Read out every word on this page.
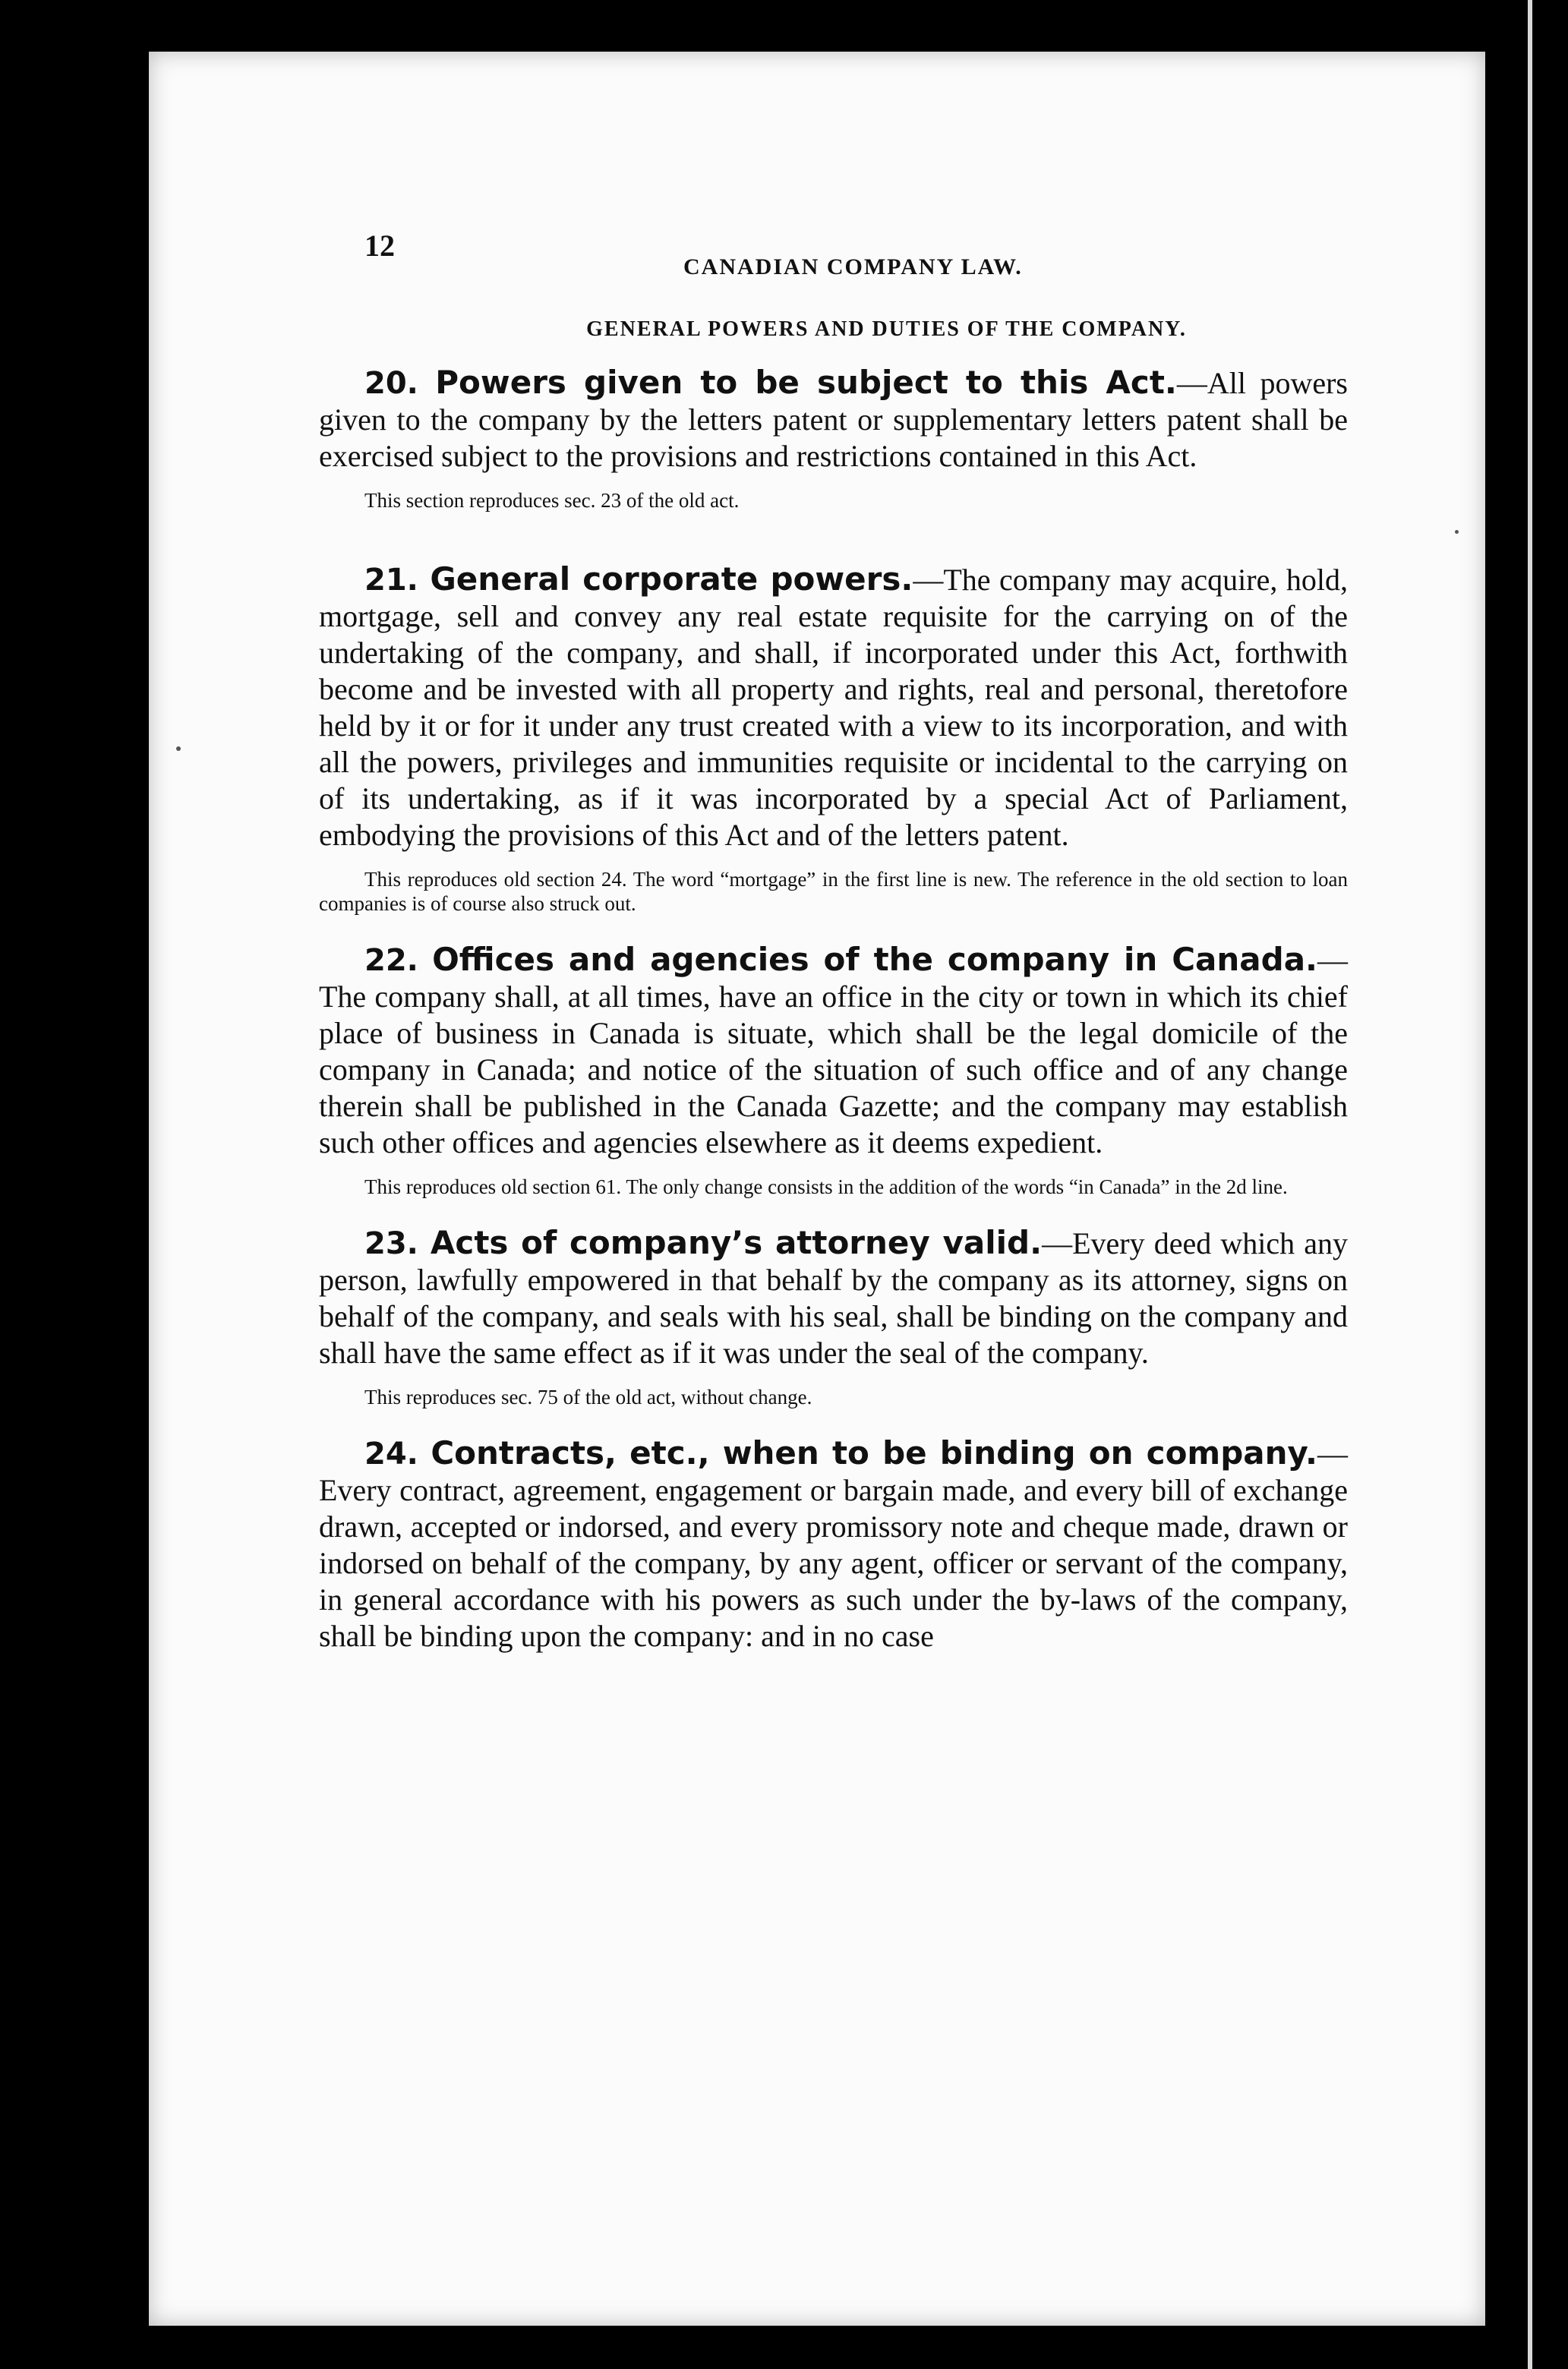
12
CANADIAN COMPANY LAW.
GENERAL POWERS AND DUTIES OF THE COMPANY.

20. Powers given to be subject to this Act.—All powers given to the company by the letters patent or supplementary letters patent shall be exercised subject to the provisions and restrictions contained in this Act.

This section reproduces sec. 23 of the old act.

21. General corporate powers.—The company may acquire, hold, mortgage, sell and convey any real estate requisite for the carrying on of the undertaking of the company, and shall, if incorporated under this Act, forthwith become and be invested with all property and rights, real and personal, theretofore held by it or for it under any trust created with a view to its incorporation, and with all the powers, privileges and immunities requisite or incidental to the carrying on of its undertaking, as if it was incorporated by a special Act of Parliament, embodying the provisions of this Act and of the letters patent.

This reproduces old section 24. The word “mortgage” in the first line is new. The reference in the old section to loan companies is of course also struck out.

22. Offices and agencies of the company in Canada.—The company shall, at all times, have an office in the city or town in which its chief place of business in Canada is situate, which shall be the legal domicile of the company in Canada; and notice of the situation of such office and of any change therein shall be published in the Canada Gazette; and the company may establish such other offices and agencies elsewhere as it deems expedient.

This reproduces old section 61. The only change consists in the addition of the words “in Canada” in the 2d line.

23. Acts of company’s attorney valid.—Every deed which any person, lawfully empowered in that behalf by the company as its attorney, signs on behalf of the company, and seals with his seal, shall be binding on the company and shall have the same effect as if it was under the seal of the company.

This reproduces sec. 75 of the old act, without change.

24. Contracts, etc., when to be binding on company.—Every contract, agreement, engagement or bargain made, and every bill of exchange drawn, accepted or indorsed, and every promissory note and cheque made, drawn or indorsed on behalf of the company, by any agent, officer or servant of the company, in general accordance with his powers as such under the by-laws of the company, shall be binding upon the company: and in no case
